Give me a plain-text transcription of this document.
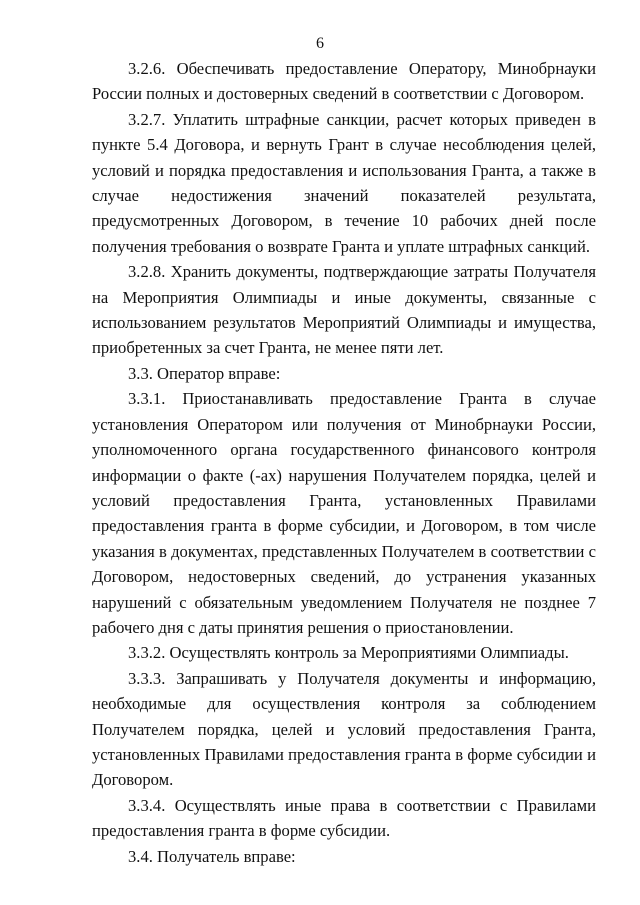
6

3.2.6. Обеспечивать предоставление Оператору, Минобрнауки России полных и достоверных сведений в соответствии с Договором.

3.2.7. Уплатить штрафные санкции, расчет которых приведен в пункте 5.4 Договора, и вернуть Грант в случае несоблюдения целей, условий и порядка предоставления и использования Гранта, а также в случае недостижения значений показателей результата, предусмотренных Договором, в течение 10 рабочих дней после получения требования о возврате Гранта и уплате штрафных санкций.

3.2.8. Хранить документы, подтверждающие затраты Получателя на Мероприятия Олимпиады и иные документы, связанные с использованием результатов Мероприятий Олимпиады и имущества, приобретенных за счет Гранта, не менее пяти лет.

3.3. Оператор вправе:

3.3.1. Приостанавливать предоставление Гранта в случае установления Оператором или получения от Минобрнауки России, уполномоченного органа государственного финансового контроля информации о факте (-ах) нарушения Получателем порядка, целей и условий предоставления Гранта, установленных Правилами предоставления гранта в форме субсидии, и Договором, в том числе указания в документах, представленных Получателем в соответствии с Договором, недостоверных сведений, до устранения указанных нарушений с обязательным уведомлением Получателя не позднее 7 рабочего дня с даты принятия решения о приостановлении.

3.3.2. Осуществлять контроль за Мероприятиями Олимпиады.

3.3.3. Запрашивать у Получателя документы и информацию, необходимые для осуществления контроля за соблюдением Получателем порядка, целей и условий предоставления Гранта, установленных Правилами предоставления гранта в форме субсидии и Договором.

3.3.4. Осуществлять иные права в соответствии с Правилами предоставления гранта в форме субсидии.

3.4. Получатель вправе:
